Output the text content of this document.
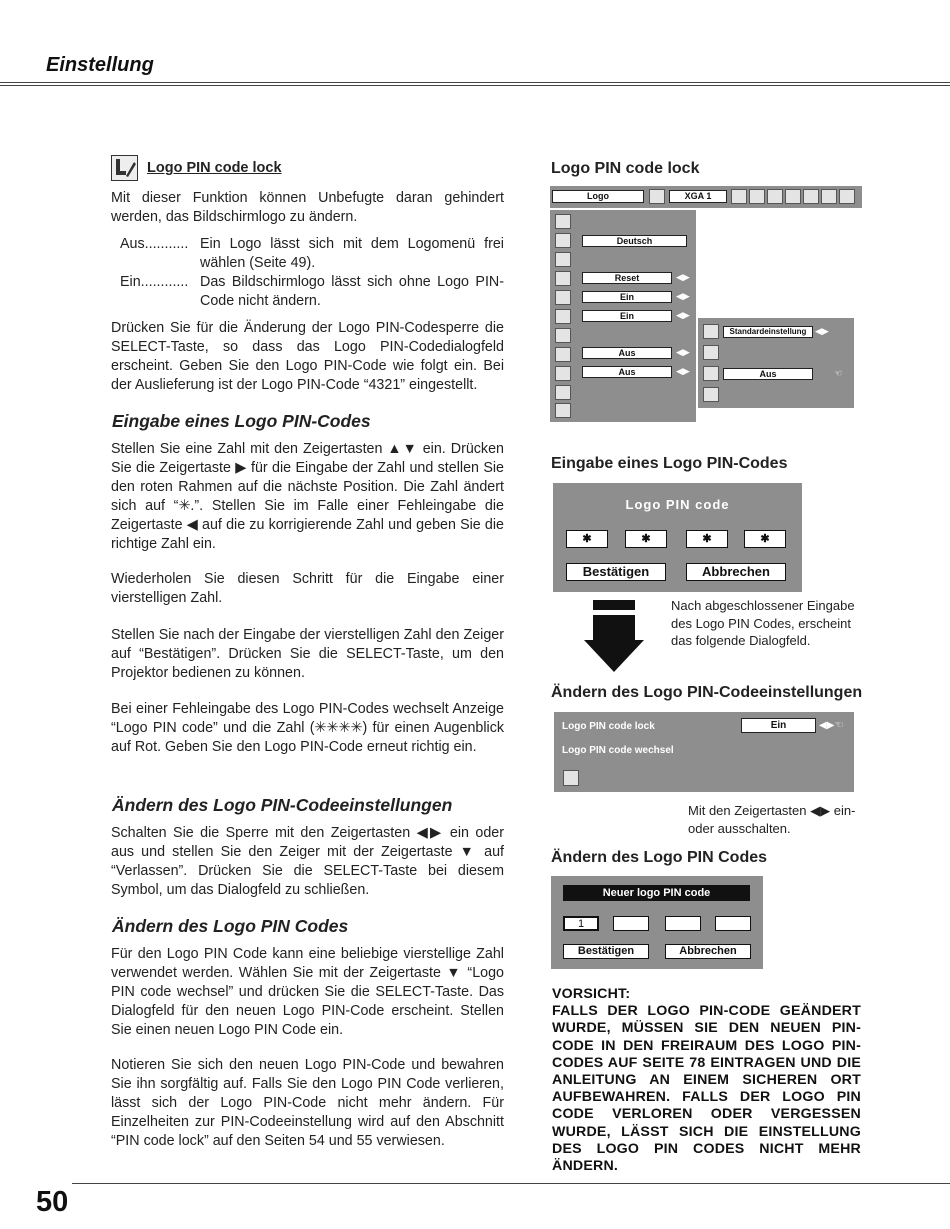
Einstellung
Logo PIN code lock
Mit dieser Funktion können Unbefugte daran gehindert werden, das Bildschirmlogo zu ändern.
Aus........... Ein Logo lässt sich mit dem Logomenü frei wählen (Seite 49).
Ein............ Das Bildschirmlogo lässt sich ohne Logo PIN-Code nicht ändern.
Drücken Sie für die Änderung der Logo PIN-Codesperre die SELECT-Taste, so dass das Logo PIN-Codedialogfeld erscheint. Geben Sie den Logo PIN-Code wie folgt ein. Bei der Auslieferung ist der Logo PIN-Code “4321” eingestellt.
Eingabe eines Logo PIN-Codes
Stellen Sie eine Zahl mit den Zeigertasten ▲▼ ein. Drücken Sie die Zeigertaste ▶ für die Eingabe der Zahl und stellen Sie den roten Rahmen auf die nächste Position. Die Zahl ändert sich auf “✳.”. Stellen Sie im Falle einer Fehleingabe die Zeigertaste ◀ auf die zu korrigierende Zahl und geben Sie die richtige Zahl ein.
Wiederholen Sie diesen Schritt für die Eingabe einer vierstelligen Zahl.
Stellen Sie nach der Eingabe der vierstelligen Zahl den Zeiger auf “Bestätigen”. Drücken Sie die SELECT-Taste, um den Projektor bedienen zu können.
Bei einer Fehleingabe des Logo PIN-Codes wechselt Anzeige “Logo PIN code” und die Zahl (✳✳✳✳) für einen Augenblick auf Rot. Geben Sie den Logo PIN-Code erneut richtig ein.
Ändern des Logo PIN-Codeeinstellungen
Schalten Sie die Sperre mit den Zeigertasten ◀▶ ein oder aus und stellen Sie den Zeiger mit der Zeigertaste ▼ auf “Verlassen”. Drücken Sie die SELECT-Taste bei diesem Symbol, um das Dialogfeld zu schließen.
Ändern des Logo PIN Codes
Für den Logo PIN Code kann eine beliebige vierstellige Zahl verwendet werden. Wählen Sie mit der Zeigertaste ▼ “Logo PIN code wechsel” und drücken Sie die SELECT-Taste. Das Dialogfeld für den neuen Logo PIN-Code erscheint. Stellen Sie einen neuen Logo PIN Code ein.
Notieren Sie sich den neuen Logo PIN-Code und bewahren Sie ihn sorgfältig auf. Falls Sie den Logo PIN Code verlieren, lässt sich der Logo PIN-Code nicht mehr ändern. Für Einzelheiten zur PIN-Codeeinstellung wird auf den Abschnitt “PIN code lock” auf den Seiten 54 und 55 verwiesen.
Logo PIN code lock
Logo	XGA 1
Deutsch
Reset	◀▶
Ein	◀▶
Ein	◀▶
Aus	◀▶
Aus	◀▶
Standardeinstellung ◀▶
Aus	☜
Eingabe eines Logo PIN-Codes
Logo PIN code
✱	✱	✱	✱
Bestätigen	Abbrechen
Nach abgeschlossener Eingabe des Logo PIN Codes, erscheint das folgende Dialogfeld.
Ändern des Logo PIN-Codeeinstellungen
Logo PIN code lock	Ein	◀▶☜
Logo PIN code wechsel
Mit den Zeigertasten ◀▶ ein- oder ausschalten.
Ändern des Logo PIN Codes
Neuer logo PIN code
1
Bestätigen	Abbrechen
VORSICHT:
FALLS DER LOGO PIN-CODE GEÄNDERT WURDE, MÜSSEN SIE DEN NEUEN PIN-CODE IN DEN FREIRAUM DES LOGO PIN-CODES AUF SEITE 78 EINTRAGEN UND DIE ANLEITUNG AN EINEM SICHEREN ORT AUFBEWAHREN. FALLS DER LOGO PIN CODE VERLOREN ODER VERGESSEN WURDE, LÄSST SICH DIE EINSTELLUNG DES LOGO PIN CODES NICHT MEHR ÄNDERN.
50
